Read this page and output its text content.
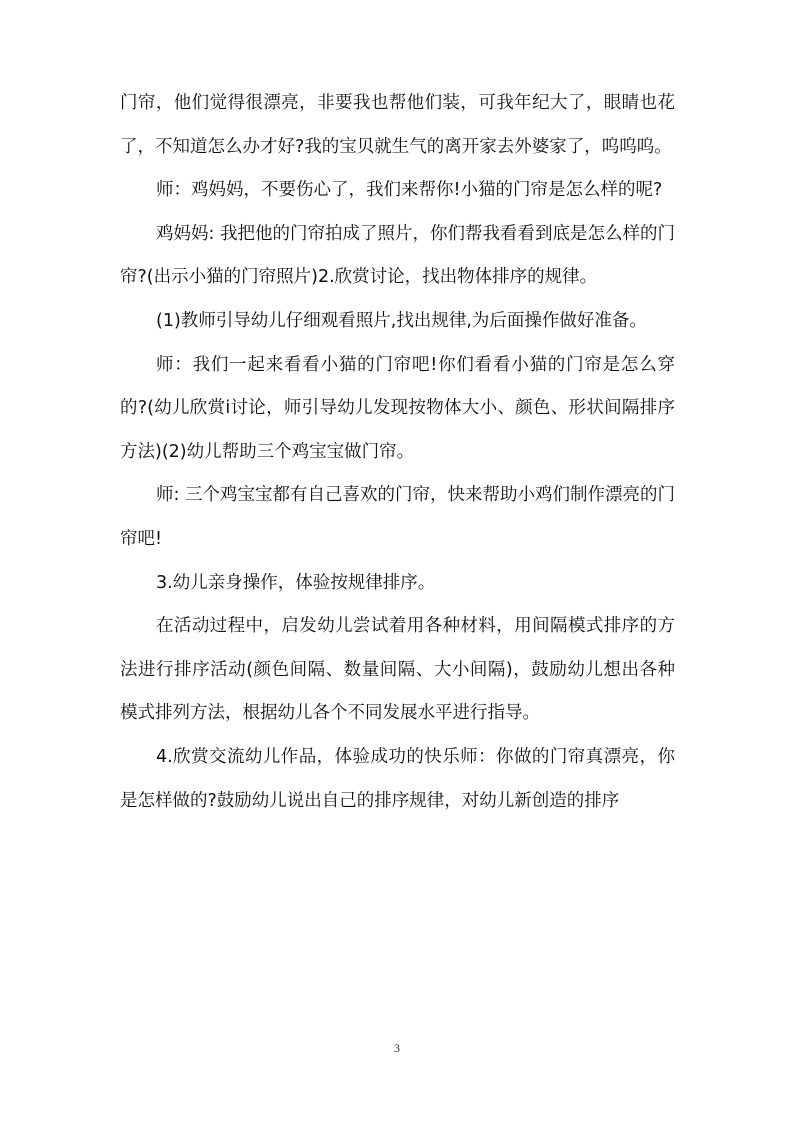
门帘，他们觉得很漂亮，非要我也帮他们装，可我年纪大了，眼睛也花了，不知道怎么办才好?我的宝贝就生气的离开家去外婆家了，呜呜呜。

师：鸡妈妈，不要伤心了，我们来帮你!小猫的门帘是怎么样的呢?

鸡妈妈: 我把他的门帘拍成了照片，你们帮我看看到底是怎么样的门帘?(出示小猫的门帘照片)2.欣赏讨论，找出物体排序的规律。

(1)教师引导幼儿仔细观看照片,找出规律,为后面操作做好准备。

师：我们一起来看看小猫的门帘吧!你们看看小猫的门帘是怎么穿的?(幼儿欣赏i讨论，师引导幼儿发现按物体大小、颜色、形状间隔排序方法)(2)幼儿帮助三个鸡宝宝做门帘。

师: 三个鸡宝宝都有自己喜欢的门帘，快来帮助小鸡们制作漂亮的门帘吧!

3.幼儿亲身操作，体验按规律排序。

在活动过程中，启发幼儿尝试着用各种材料，用间隔模式排序的方法进行排序活动(颜色间隔、数量间隔、大小间隔)，鼓励幼儿想出各种模式排列方法，根据幼儿各个不同发展水平进行指导。

4.欣赏交流幼儿作品，体验成功的快乐师：你做的门帘真漂亮，你是怎样做的?鼓励幼儿说出自己的排序规律，对幼儿新创造的排序

3
